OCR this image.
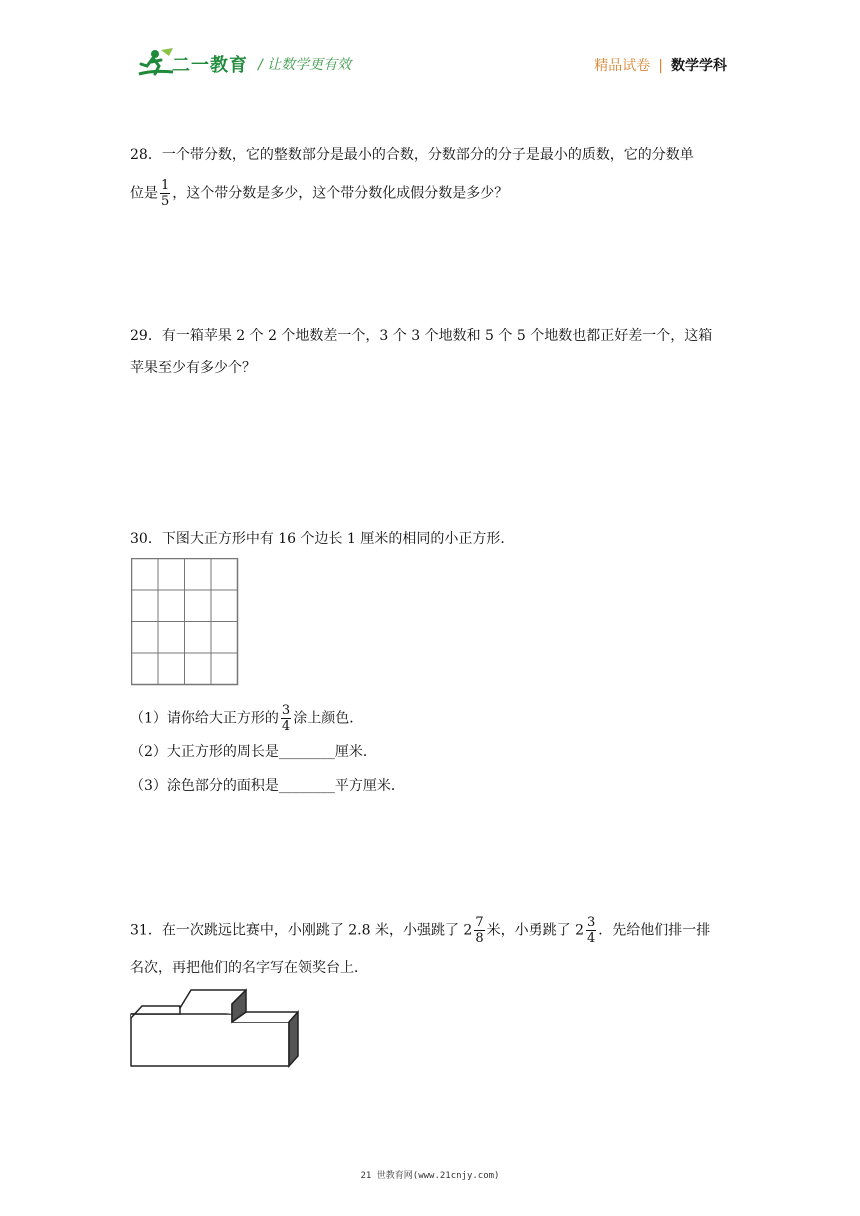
二一教育 / 让数学更有效	精品试卷 | 数学学科
28．一个带分数，它的整数部分是最小的合数，分数部分的分子是最小的质数，它的分数单
位是 $\frac{1}{5}$ ，这个带分数是多少，这个带分数化成假分数是多少？
29．有一箱苹果 2 个 2 个地数差一个，3 个 3 个地数和 5 个 5 个地数也都正好差一个，这箱
苹果至少有多少个？
30．下图大正方形中有 16 个边长 1 厘米的相同的小正方形．
（1）请你给大正方形的 $\frac{3}{4}$ 涂上颜色．
（2）大正方形的周长是________厘米．
（3）涂色部分的面积是________平方厘米．
31．在一次跳远比赛中，小刚跳了 2.8 米，小强跳了 $2 \frac{7}{8}$ 米，小勇跳了 $2 \frac{3}{4}$ ．先给他们排一排
名次，再把他们的名字写在领奖台上．
21 世教育网(www.21cnjy.com)
